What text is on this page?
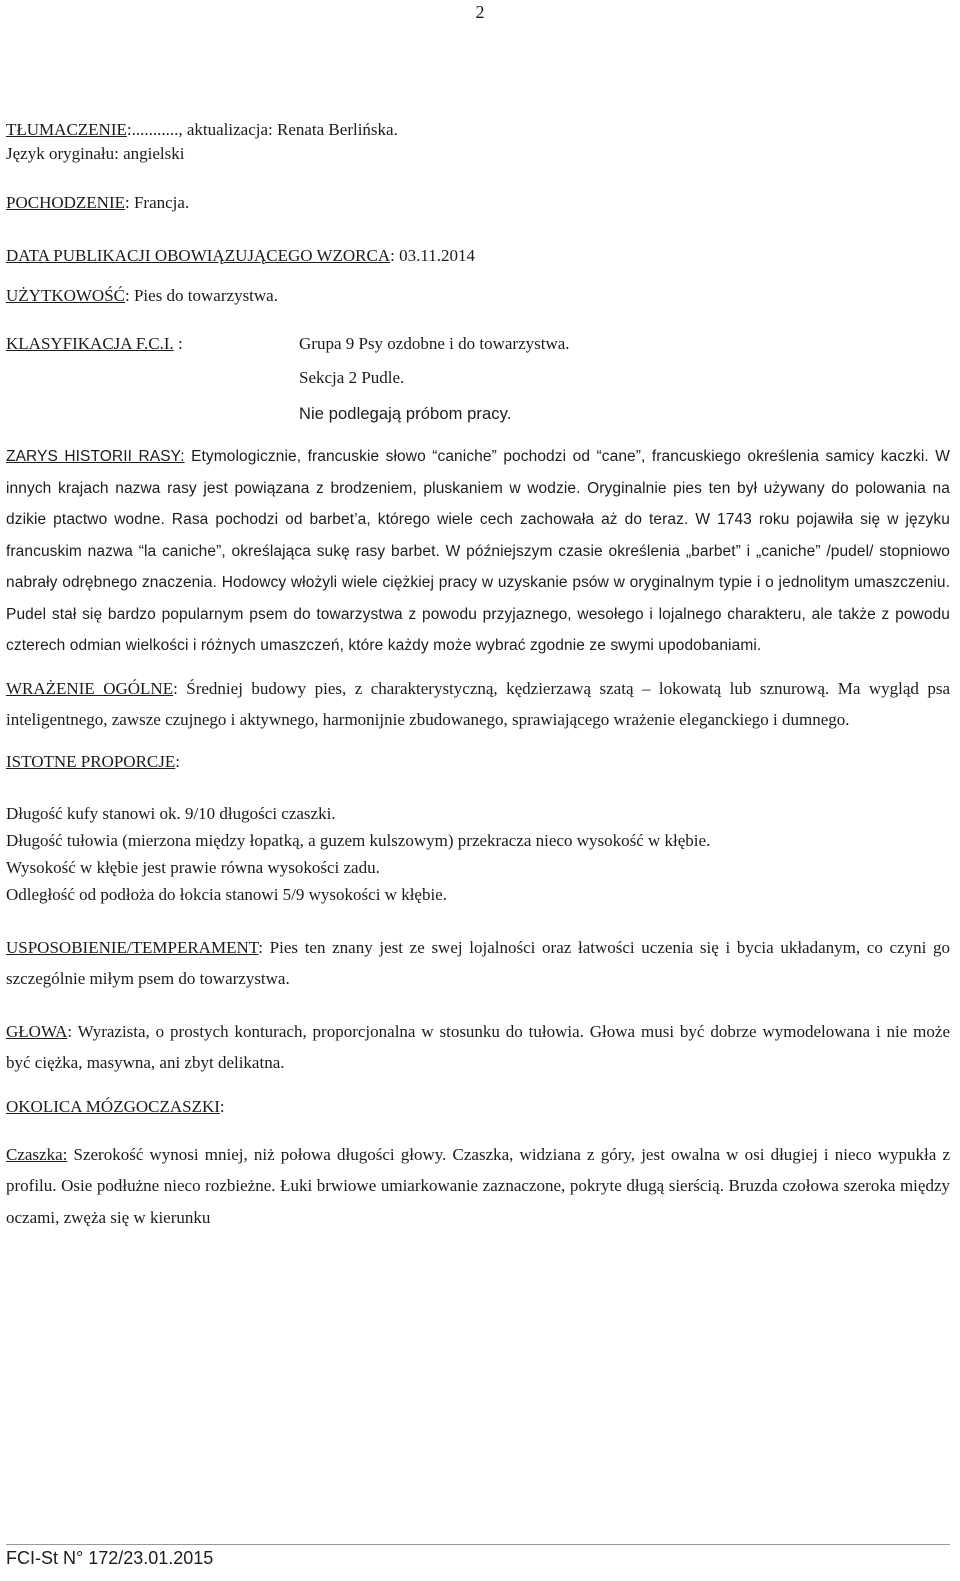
2

TŁUMACZENIE:..........., aktualizacja: Renata Berlińska.

Język oryginału: angielski

POCHODZENIE: Francja.

DATA PUBLIKACJI OBOWIĄZUJĄCEGO WZORCA: 03.11.2014

UŻYTKOWOŚĆ: Pies do towarzystwa.

KLASYFIKACJA F.C.I. :	Grupa 9 Psy ozdobne i do towarzystwa.
Sekcja 2 Pudle.
Nie podlegają próbom pracy.

ZARYS HISTORII RASY: Etymologicznie, francuskie słowo “caniche” pochodzi od “cane”, francuskiego określenia samicy kaczki. W innych krajach nazwa rasy jest powiązana z brodzeniem, pluskaniem w wodzie. Oryginalnie pies ten był używany do polowania na dzikie ptactwo wodne. Rasa pochodzi od barbet’a, którego wiele cech zachowała aż do teraz. W 1743 roku pojawiła się w języku francuskim nazwa “la caniche”, określająca sukę rasy barbet. W późniejszym czasie określenia „barbet” i „caniche” /pudel/ stopniowo nabrały odrębnego znaczenia. Hodowcy włożyli wiele ciężkiej pracy w uzyskanie psów w oryginalnym typie i o jednolitym umaszczeniu. Pudel stał się bardzo popularnym psem do towarzystwa z powodu przyjaznego, wesołego i lojalnego charakteru, ale także z powodu czterech odmian wielkości i różnych umaszczeń, które każdy może wybrać zgodnie ze swymi upodobaniami.

WRAŻENIE OGÓLNE: Średniej budowy pies, z charakterystyczną, kędzierzawą szatą – lokowatą lub sznurową. Ma wygląd psa inteligentnego, zawsze czujnego i aktywnego, harmonijnie zbudowanego, sprawiającego wrażenie eleganckiego i dumnego.

ISTOTNE PROPORCJE:

Długość kufy stanowi ok. 9/10 długości czaszki.

Długość tułowia (mierzona między łopatką, a guzem kulszowym) przekracza nieco wysokość w kłębie.

Wysokość w kłębie jest prawie równa wysokości zadu.

Odległość od podłoża do łokcia stanowi 5/9 wysokości w kłębie.

USPOSOBIENIE/TEMPERAMENT: Pies ten znany jest ze swej lojalności oraz łatwości uczenia się i bycia układanym, co czyni go szczególnie miłym psem do towarzystwa.

GŁOWA: Wyrazista, o prostych konturach, proporcjonalna w stosunku do tułowia. Głowa musi być dobrze wymodelowana i nie może być ciężka, masywna, ani zbyt delikatna.

OKOLICA MÓZGOCZASZKI:

Czaszka: Szerokość wynosi mniej, niż połowa długości głowy. Czaszka, widziana z góry, jest owalna w osi długiej i nieco wypukła z profilu. Osie podłużne nieco rozbieżne. Łuki brwiowe umiarkowanie zaznaczone, pokryte długą sierścią. Bruzda czołowa szeroka między oczami, zwęża się w kierunku

FCI-St N° 172/23.01.2015
